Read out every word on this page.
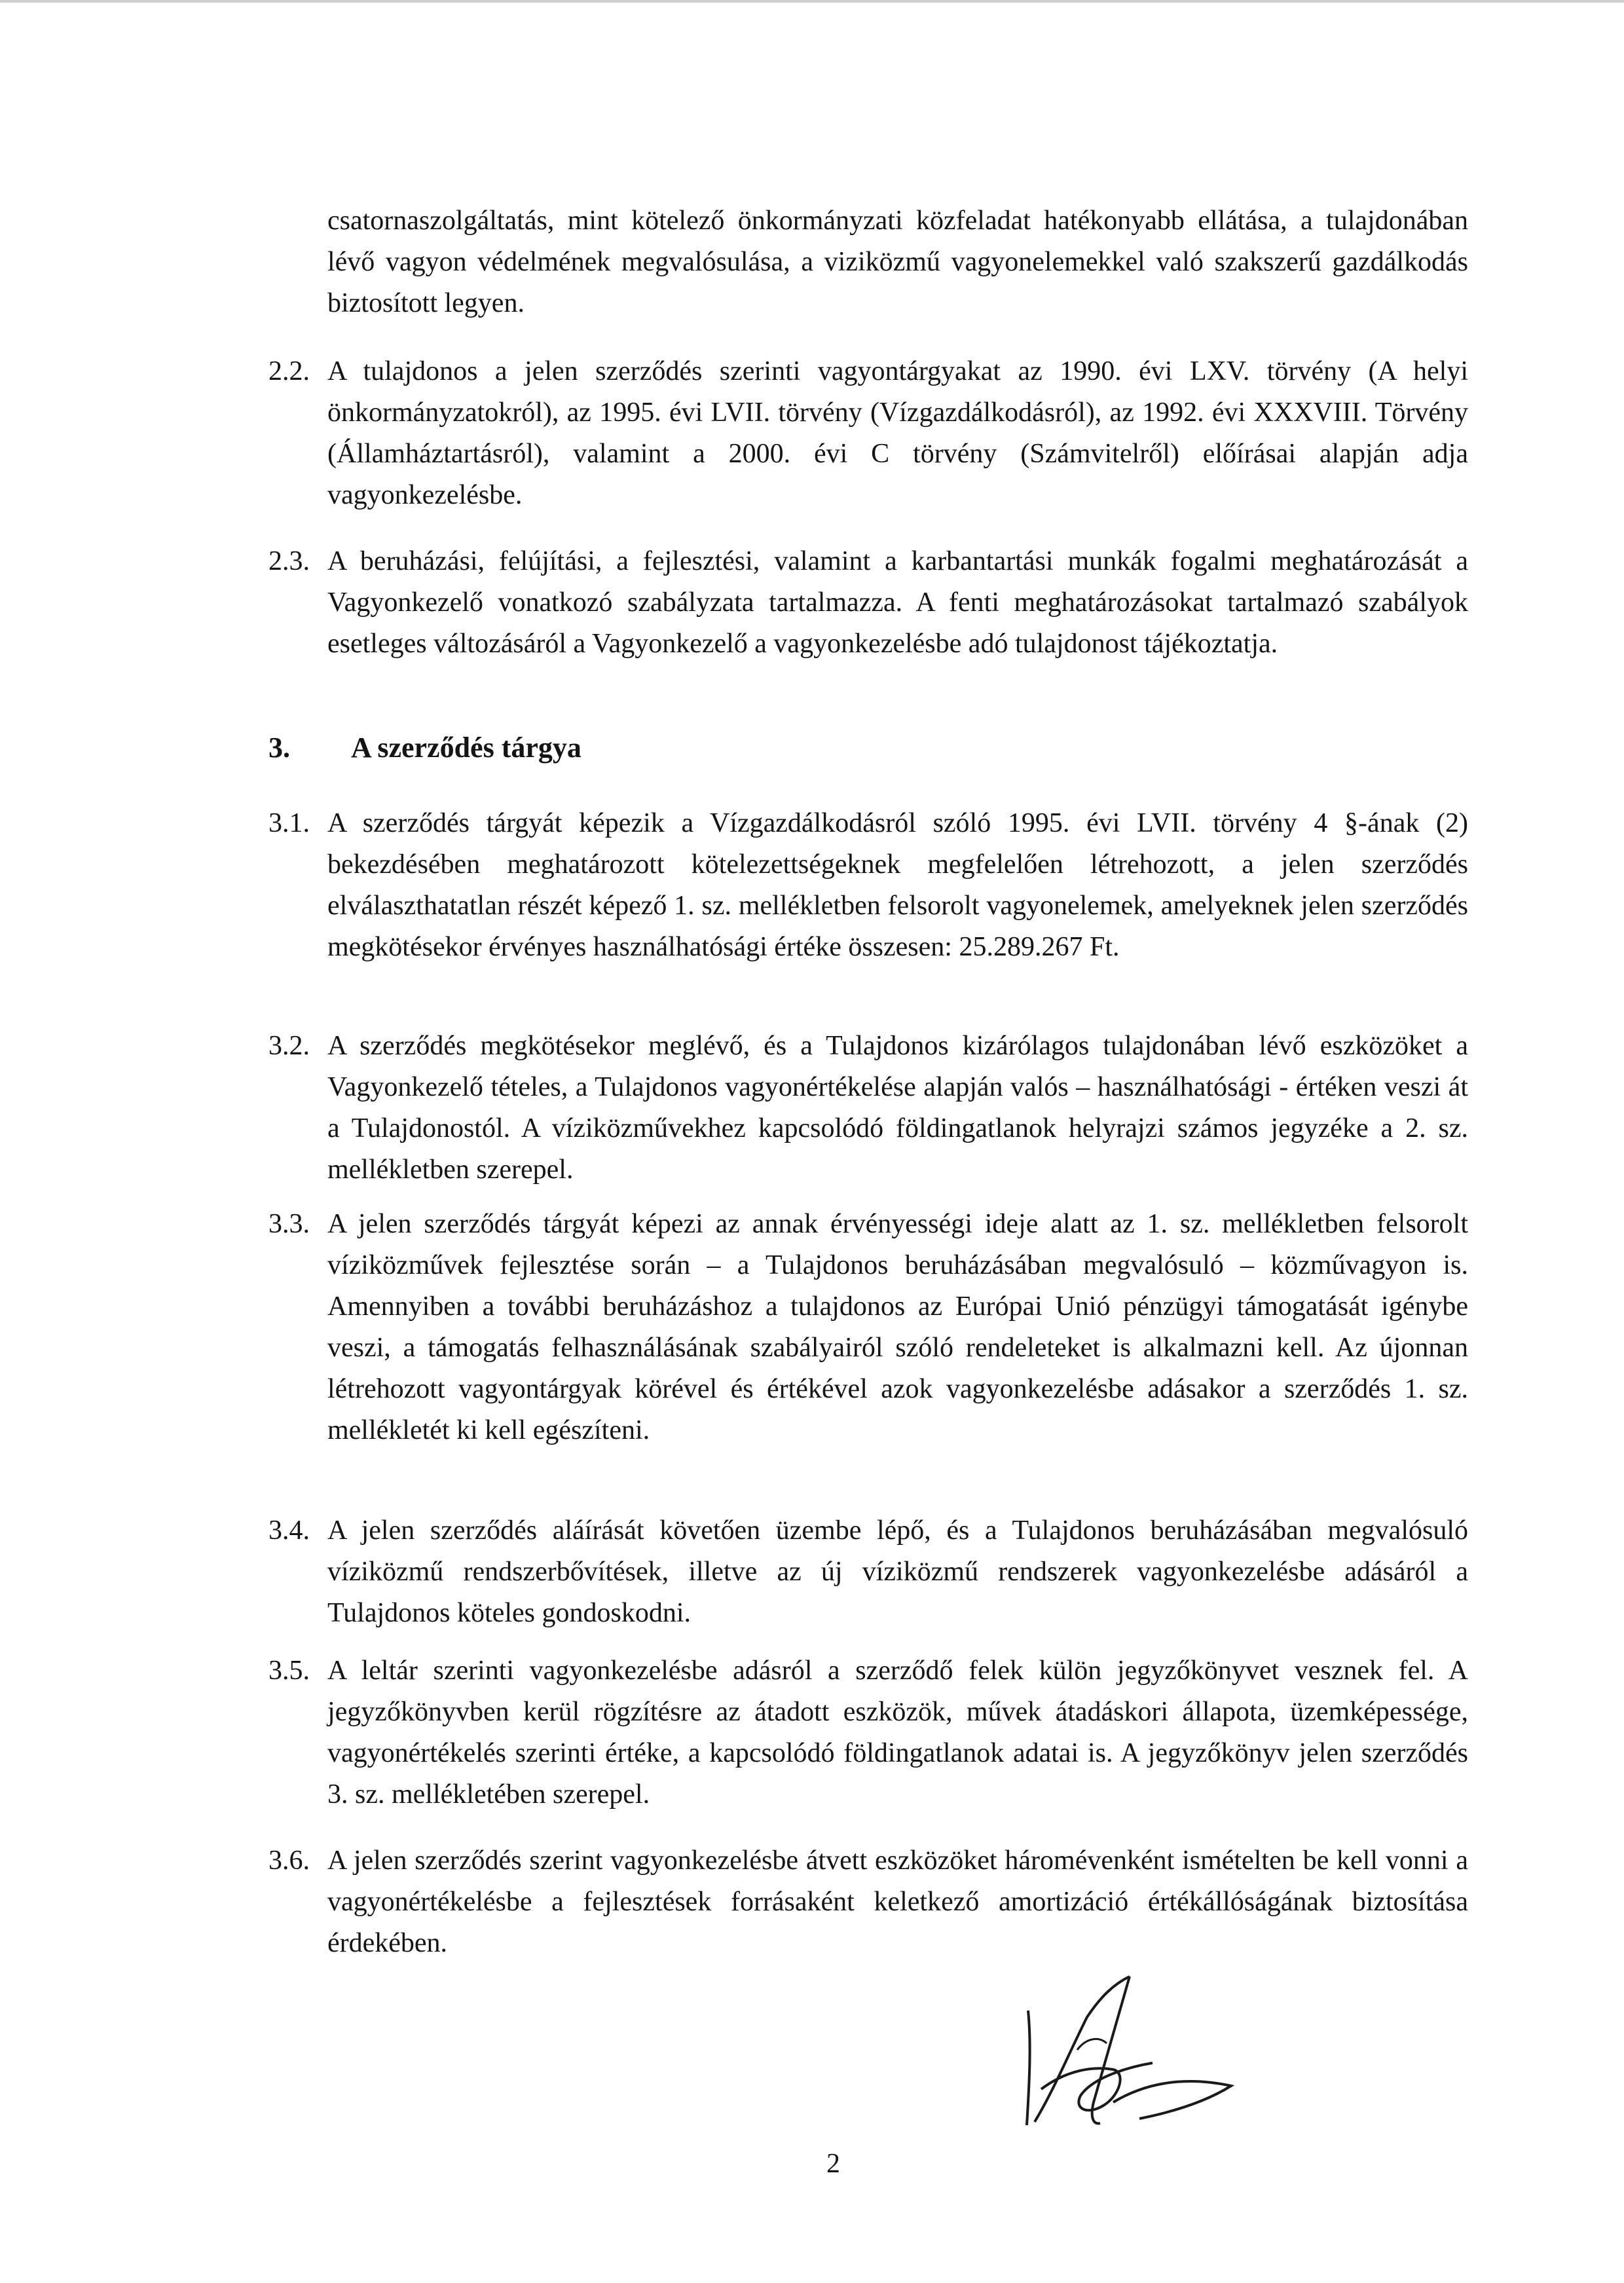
csatornaszolgáltatás, mint kötelező önkormányzati közfeladat hatékonyabb ellátása, a tulajdonában lévő vagyon védelmének megvalósulása, a viziközmű vagyonelemekkel való szakszerű gazdálkodás biztosított legyen.

2.2. A tulajdonos a jelen szerződés szerinti vagyontárgyakat az 1990. évi LXV. törvény (A helyi önkormányzatokról), az 1995. évi LVII. törvény (Vízgazdálkodásról), az 1992. évi XXXVIII. Törvény (Államháztartásról), valamint a 2000. évi C törvény (Számvitelről) előírásai alapján adja vagyonkezelésbe.
2.3. A beruházási, felújítási, a fejlesztési, valamint a karbantartási munkák fogalmi meghatározását a Vagyonkezelő vonatkozó szabályzata tartalmazza. A fenti meghatározásokat tartalmazó szabályok esetleges változásáról a Vagyonkezelő a vagyonkezelésbe adó tulajdonost tájékoztatja.
3. A szerződés tárgya
3.1. A szerződés tárgyát képezik a Vízgazdálkodásról szóló 1995. évi LVII. törvény 4 §-ának (2) bekezdésében meghatározott kötelezettségeknek megfelelően létrehozott, a jelen szerződés elválaszthatatlan részét képező 1. sz. mellékletben felsorolt vagyonelemek, amelyeknek jelen szerződés megkötésekor érvényes használhatósági értéke összesen: 25.289.267 Ft.
3.2. A szerződés megkötésekor meglévő, és a Tulajdonos kizárólagos tulajdonában lévő eszközöket a Vagyonkezelő tételes, a Tulajdonos vagyonértékelése alapján valós – használhatósági - értéken veszi át a Tulajdonostól. A víziközművekhez kapcsolódó földingatlanok helyrajzi számos jegyzéke a 2. sz. mellékletben szerepel.
3.3. A jelen szerződés tárgyát képezi az annak érvényességi ideje alatt az 1. sz. mellékletben felsorolt víziközművek fejlesztése során – a Tulajdonos beruházásában megvalósuló – közművagyon is. Amennyiben a további beruházáshoz a tulajdonos az Európai Unió pénzügyi támogatását igénybe veszi, a támogatás felhasználásának szabályairól szóló rendeleteket is alkalmazni kell. Az újonnan létrehozott vagyontárgyak körével és értékével azok vagyonkezelésbe adásakor a szerződés 1. sz. mellékletét ki kell egészíteni.
3.4. A jelen szerződés aláírását követően üzembe lépő, és a Tulajdonos beruházásában megvalósuló víziközmű rendszerbővítések, illetve az új víziközmű rendszerek vagyonkezelésbe adásáról a Tulajdonos köteles gondoskodni.
3.5. A leltár szerinti vagyonkezelésbe adásról a szerződő felek külön jegyzőkönyvet vesznek fel. A jegyzőkönyvben kerül rögzítésre az átadott eszközök, művek átadáskori állapota, üzemképessége, vagyonértékelés szerinti értéke, a kapcsolódó földingatlanok adatai is. A jegyzőkönyv jelen szerződés 3. sz. mellékletében szerepel.
3.6. A jelen szerződés szerint vagyonkezelésbe átvett eszközöket háromévenként ismételten be kell vonni a vagyonértékelésbe a fejlesztések forrásaként keletkező amortizáció értékállóságának biztosítása érdekében.
2
